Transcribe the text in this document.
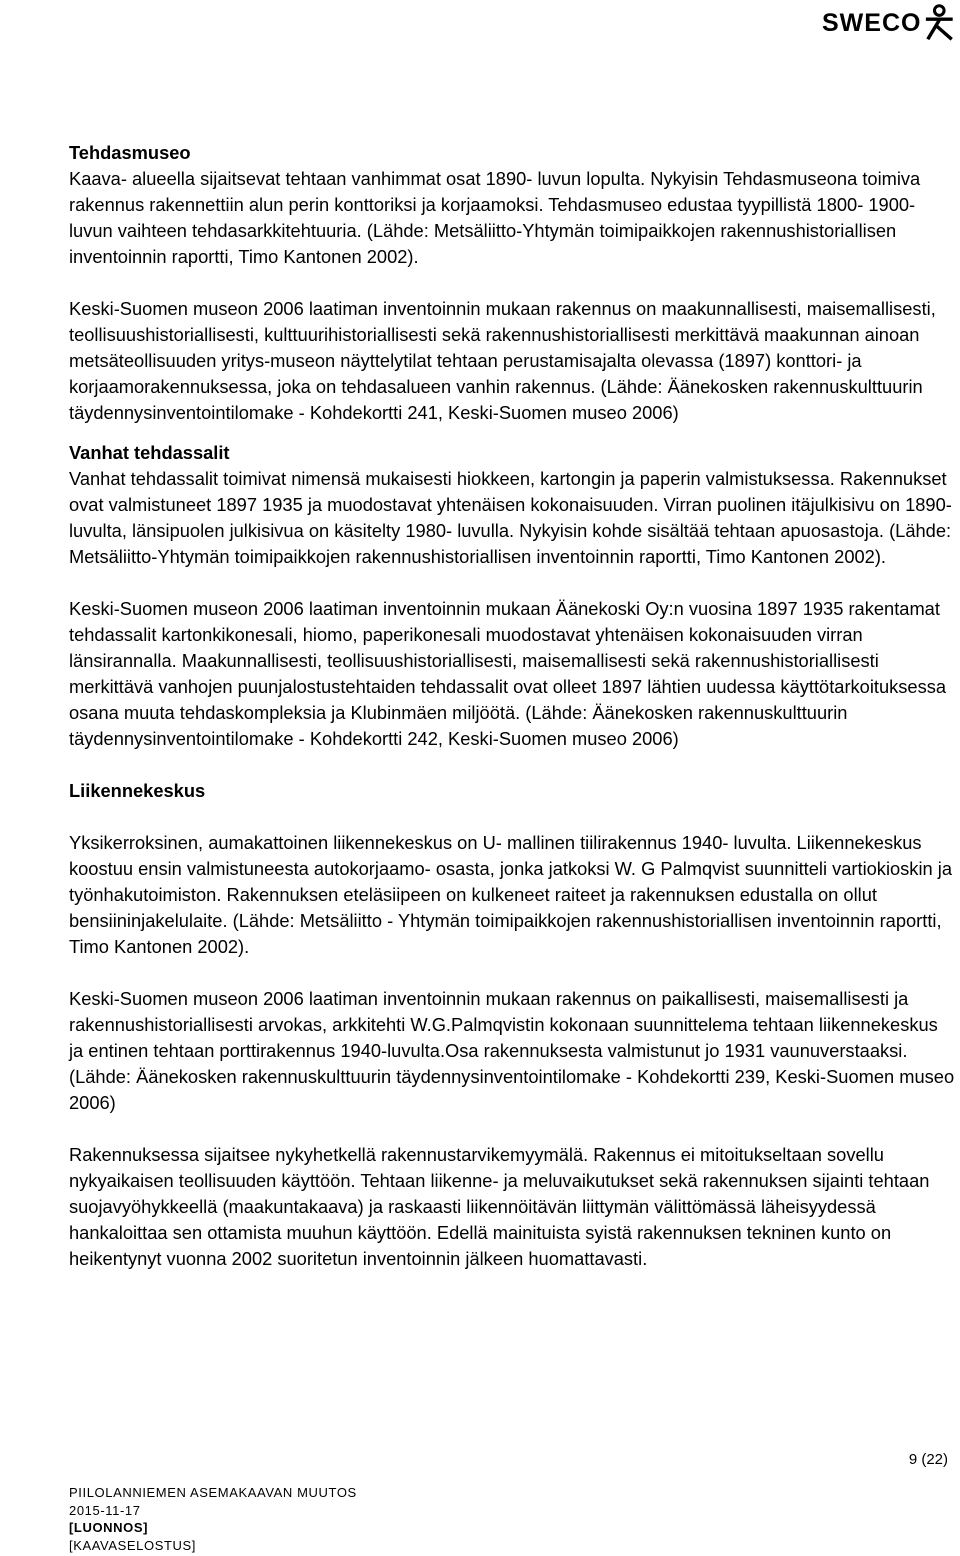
SWECO
Tehdasmuseo

Kaava- alueella sijaitsevat tehtaan vanhimmat osat 1890- luvun lopulta. Nykyisin Tehdasmuseona toimiva rakennus rakennettiin alun perin konttoriksi ja korjaamoksi. Tehdasmuseo edustaa tyypillistä 1800- 1900- luvun vaihteen tehdasarkkitehtuuria. (Lähde: Metsäliitto-Yhtymän toimipaikkojen rakennushistoriallisen inventoinnin raportti, Timo Kantonen 2002).

Keski-Suomen museon 2006 laatiman inventoinnin mukaan rakennus on maakunnallisesti, maisemallisesti, teollisuushistoriallisesti, kulttuurihistoriallisesti sekä rakennushistoriallisesti merkittävä maakunnan ainoan metsäteollisuuden yritys-museon näyttelytilat tehtaan perustamisajalta olevassa (1897) konttori- ja korjaamorakennuksessa, joka on tehdasalueen vanhin rakennus. (Lähde: Äänekosken rakennuskulttuurin täydennysinventointilomake - Kohdekortti 241, Keski-Suomen museo 2006)

Vanhat tehdassalit

Vanhat tehdassalit toimivat nimensä mukaisesti hiokkeen, kartongin ja paperin valmistuksessa. Rakennukset ovat valmistuneet 1897 1935 ja muodostavat yhtenäisen kokonaisuuden. Virran puolinen itäjulkisivu on 1890- luvulta, länsipuolen julkisivua on käsitelty 1980- luvulla. Nykyisin kohde sisältää tehtaan apuosastoja. (Lähde: Metsäliitto-Yhtymän toimipaikkojen rakennushistoriallisen inventoinnin raportti, Timo Kantonen 2002).

Keski-Suomen museon 2006 laatiman inventoinnin mukaan Äänekoski Oy:n vuosina 1897 1935 rakentamat tehdassalit kartonkikonesali, hiomo, paperikonesali muodostavat yhtenäisen kokonaisuuden virran länsirannalla. Maakunnallisesti, teollisuushistoriallisesti, maisemallisesti sekä rakennushistoriallisesti merkittävä vanhojen puunjalostustehtaiden tehdassalit ovat olleet 1897 lähtien uudessa käyttötarkoituksessa osana muuta tehdaskompleksia ja Klubinmäen miljöötä. (Lähde: Äänekosken rakennuskulttuurin täydennysinventointilomake - Kohdekortti 242, Keski-Suomen museo 2006)

Liikennekeskus

Yksikerroksinen, aumakattoinen liikennekeskus on U- mallinen tiilirakennus 1940- luvulta. Liikennekeskus koostuu ensin valmistuneesta autokorjaamo- osasta, jonka jatkoksi W. G Palmqvist suunnitteli vartiokioskin ja työnhakutoimiston. Rakennuksen eteläsiipeen on kulkeneet raiteet ja rakennuksen edustalla on ollut bensiininjakelulaite. (Lähde: Metsäliitto - Yhtymän toimipaikkojen rakennushistoriallisen inventoinnin raportti, Timo Kantonen 2002).

Keski-Suomen museon 2006 laatiman inventoinnin mukaan rakennus on paikallisesti, maisemallisesti ja rakennushistoriallisesti arvokas, arkkitehti W.G.Palmqvistin kokonaan suunnittelema tehtaan liikennekeskus ja entinen tehtaan porttirakennus 1940-luvulta.Osa rakennuksesta valmistunut jo 1931 vaunuverstaaksi. (Lähde: Äänekosken rakennuskulttuurin täydennysinventointilomake - Kohdekortti 239, Keski-Suomen museo 2006)

Rakennuksessa sijaitsee nykyhetkellä rakennustarvikemyymälä. Rakennus ei mitoitukseltaan sovellu nykyaikaisen teollisuuden käyttöön. Tehtaan liikenne- ja meluvaikutukset sekä rakennuksen sijainti tehtaan suojavyöhykkeellä (maakuntakaava) ja raskaasti liikennöitävän liittymän välittömässä läheisyydessä hankaloittaa sen ottamista muuhun käyttöön. Edellä mainituista syistä rakennuksen tekninen kunto on heikentynyt vuonna 2002 suoritetun inventoinnin jälkeen huomattavasti.

9 (22)
PIILOLANNIEMEN ASEMAKAAVAN MUUTOS
2015-11-17
[LUONNOS]
[KAAVASELOSTUS]
